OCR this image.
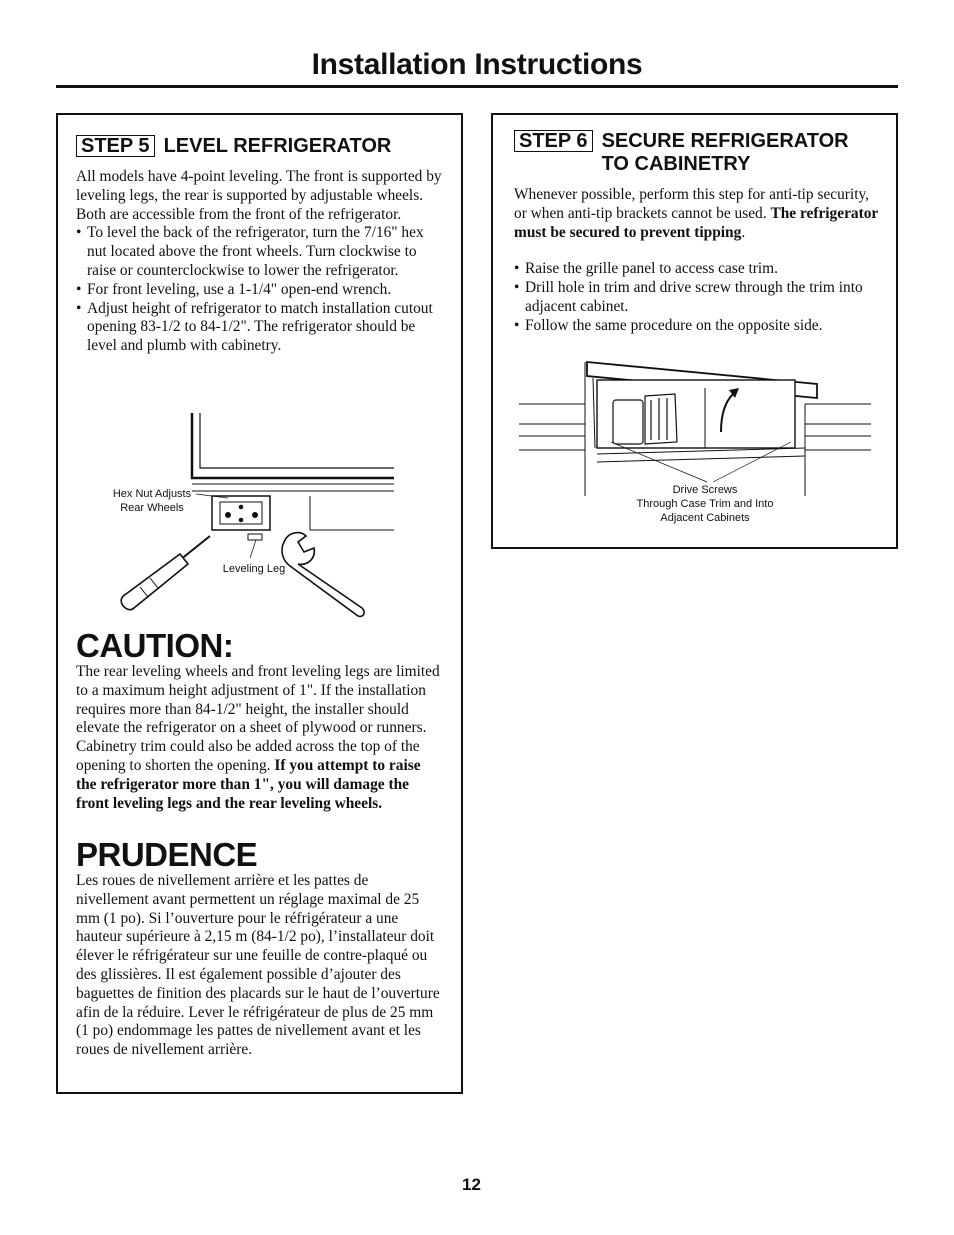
Installation Instructions
STEP 5 LEVEL REFRIGERATOR

All models have 4-point leveling. The front is supported by leveling legs, the rear is supported by adjustable wheels. Both are accessible from the front of the refrigerator.

• To level the back of the refrigerator, turn the 7/16" hex nut located above the front wheels. Turn clockwise to raise or counterclockwise to lower the refrigerator.
• For front leveling, use a 1-1/4" open-end wrench.
• Adjust height of refrigerator to match installation cutout opening 83-1/2 to 84-1/2". The refrigerator should be level and plumb with cabinetry.
Hex Nut Adjusts
Rear Wheels
Leveling Leg
CAUTION:

The rear leveling wheels and front leveling legs are limited to a maximum height adjustment of 1". If the installation requires more than 84-1/2" height, the installer should elevate the refrigerator on a sheet of plywood or runners. Cabinetry trim could also be added across the top of the opening to shorten the opening. If you attempt to raise the refrigerator more than 1", you will damage the front leveling legs and the rear leveling wheels.

PRUDENCE

Les roues de nivellement arrière et les pattes de nivellement avant permettent un réglage maximal de 25 mm (1 po). Si l’ouverture pour le réfrigérateur a une hauteur supérieure à 2,15 m (84-1/2 po), l’installateur doit élever le réfrigérateur sur une feuille de contre-plaqué ou des glissières. Il est également possible d’ajouter des baguettes de finition des placards sur le haut de l’ouverture afin de la réduire. Lever le réfrigérateur de plus de 25 mm (1 po) endommage les pattes de nivellement avant et les roues de nivellement arrière.

STEP 6 SECURE REFRIGERATOR
TO CABINETRY

Whenever possible, perform this step for anti-tip security, or when anti-tip brackets cannot be used. The refrigerator must be secured to prevent tipping.

• Raise the grille panel to access case trim.
• Drill hole in trim and drive screw through the trim into adjacent cabinet.
• Follow the same procedure on the opposite side.
Drive Screws
Through Case Trim and Into
Adjacent Cabinets
12
